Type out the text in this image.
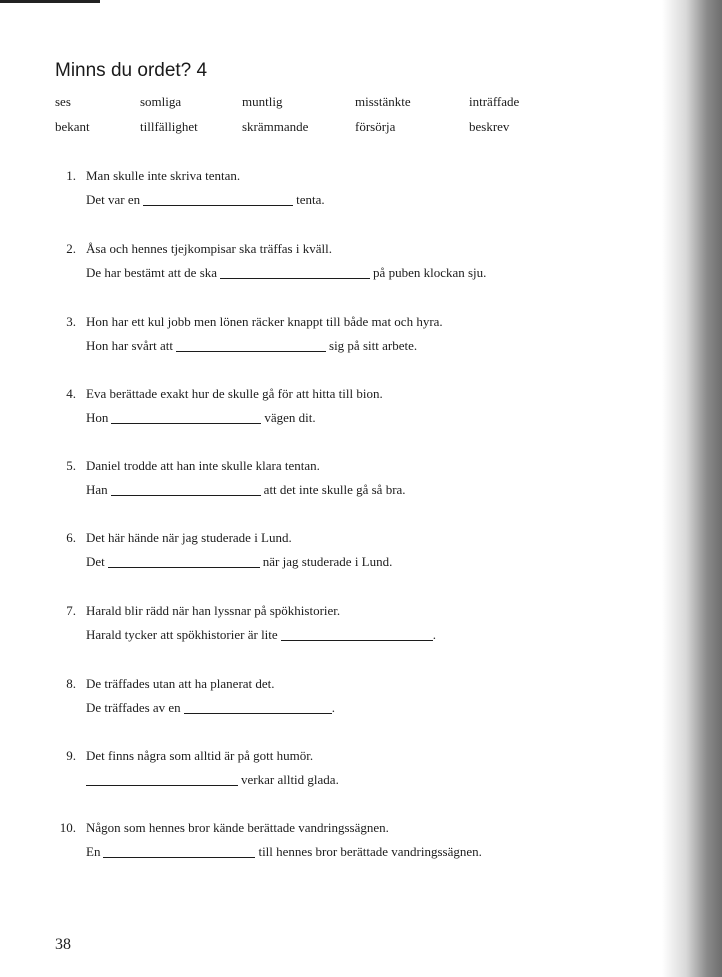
Minns du ordet? 4
ses	somliga	muntlig	misstänkte	inträffade
bekant	tillfällighet	skrämmande	försörja	beskrev
1. Man skulle inte skriva tentan.
Det var en	tenta.
2. Åsa och hennes tjejkompisar ska träffas i kväll.
De har bestämt att de ska	på puben klockan sju.
3. Hon har ett kul jobb men lönen räcker knappt till både mat och hyra.
Hon har svårt att	sig på sitt arbete.
4. Eva berättade exakt hur de skulle gå för att hitta till bion.
Hon	vägen dit.
5. Daniel trodde att han inte skulle klara tentan.
Han	att det inte skulle gå så bra.
6. Det här hände när jag studerade i Lund.
Det	när jag studerade i Lund.
7. Harald blir rädd när han lyssnar på spökhistorier.
Harald tycker att spökhistorier är lite	.
8. De träffades utan att ha planerat det.
De träffades av en	.
9. Det finns några som alltid är på gott humör.
verkar alltid glada.
10. Någon som hennes bror kände berättade vandringssägnen.
En	till hennes bror berättade vandringssägnen.
38
